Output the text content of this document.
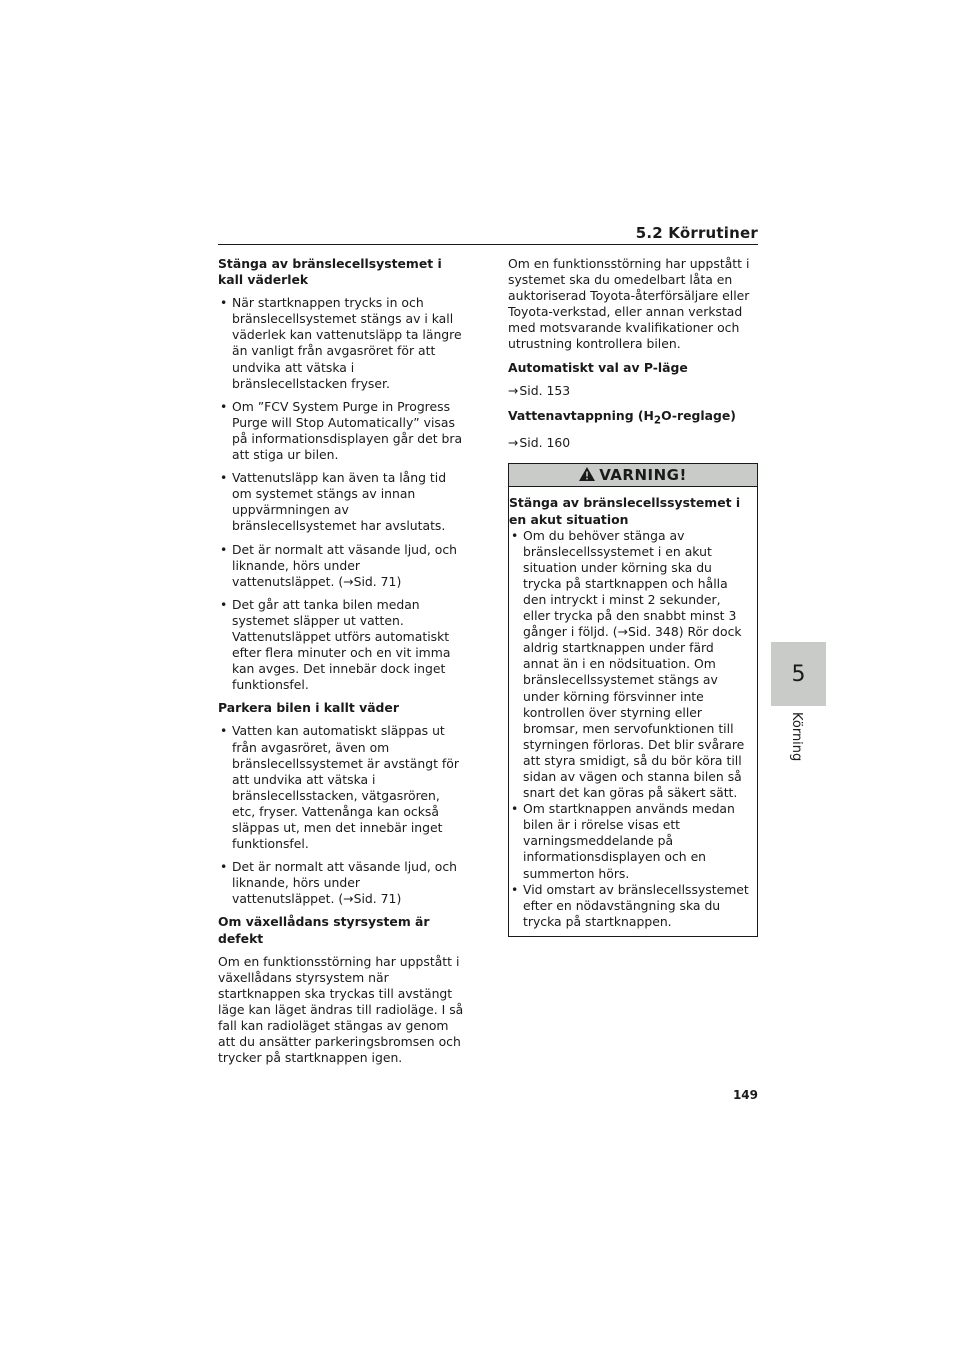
5.2 Körrutiner
Stänga av bränslecellsystemet i kall väderlek
• När startknappen trycks in och bränslecellsystemet stängs av i kall väderlek kan vattenutsläpp ta längre än vanligt från avgasröret för att undvika att vätska i bränslecellstacken fryser.
• Om ”FCV System Purge in Progress Purge will Stop Automatically” visas på informationsdisplayen går det bra att stiga ur bilen.
• Vattenutsläpp kan även ta lång tid om systemet stängs av innan uppvärmningen av bränslecellsystemet har avslutats.
• Det är normalt att väsande ljud, och liknande, hörs under vattenutsläppet. (→Sid. 71)
• Det går att tanka bilen medan systemet släpper ut vatten. Vattenutsläppet utförs automatiskt efter flera minuter och en vit imma kan avges. Det innebär dock inget funktionsfel.
Parkera bilen i kallt väder
• Vatten kan automatiskt släppas ut från avgasröret, även om bränslecellssystemet är avstängt för att undvika att vätska i bränslecellsstacken, vätgasrören, etc, fryser. Vattenånga kan också släppas ut, men det innebär inget funktionsfel.
• Det är normalt att väsande ljud, och liknande, hörs under vattenutsläppet. (→Sid. 71)
Om växellådans styrsystem är defekt
Om en funktionsstörning har uppstått i växellådans styrsystem när startknappen ska tryckas till avstängt läge kan läget ändras till radioläge. I så fall kan radioläget stängas av genom att du ansätter parkeringsbromsen och trycker på startknappen igen.
Om en funktionsstörning har uppstått i systemet ska du omedelbart låta en auktoriserad Toyota-återförsäljare eller Toyota-verkstad, eller annan verkstad med motsvarande kvalifikationer och utrustning kontrollera bilen.
Automatiskt val av P-läge
→Sid. 153
Vattenavtappning $(H_2O-reglage)$
→Sid. 160
VARNING!
Stänga av bränslecellssystemet i en akut situation
• Om du behöver stänga av bränslecellssystemet i en akut situation under körning ska du trycka på startknappen och hålla den intryckt i minst 2 sekunder, eller trycka på den snabbt minst 3 gånger i följd. (→Sid. 348) Rör dock aldrig startknappen under färd annat än i en nödsituation. Om bränslecellssystemet stängs av under körning försvinner inte kontrollen över styrning eller bromsar, men servofunktionen till styrningen förloras. Det blir svårare att styra smidigt, så du bör köra till sidan av vägen och stanna bilen så snart det kan göras på säkert sätt.
• Om startknappen används medan bilen är i rörelse visas ett varningsmeddelande på informationsdisplayen och en summerton hörs.
• Vid omstart av bränslecellssystemet efter en nödavstängning ska du trycka på startknappen.
5
Körning
149
